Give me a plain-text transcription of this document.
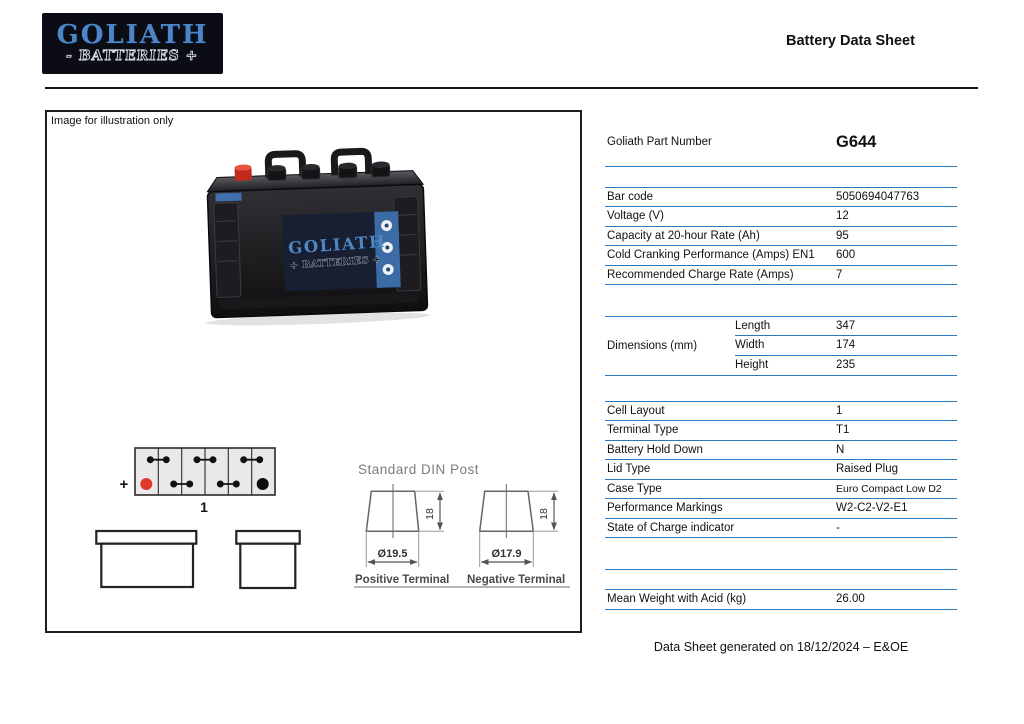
GOLIATH
- BATTERIES +
Battery Data Sheet
Image for illustration only
GOLIATH
+ BATTERIES +
+
1
Standard DIN Post
18
Ø19.5
Positive Terminal
18
Ø17.9
Negative Terminal
Goliath Part Number	G644
Bar code	5050694047763
Voltage (V)	12
Capacity at 20-hour Rate (Ah)	95
Cold Cranking Performance (Amps) EN1	600
Recommended Charge Rate (Amps)	7
Dimensions (mm)
Length	347
Width	174
Height	235
Cell Layout	1
Terminal Type	T1
Battery Hold Down	N
Lid Type	Raised Plug
Case Type	Euro Compact Low D2
Performance Markings	W2-C2-V2-E1
State of Charge indicator	-
Mean Weight with Acid (kg)	26.00
Data Sheet generated on 18/12/2024 – E&OE
